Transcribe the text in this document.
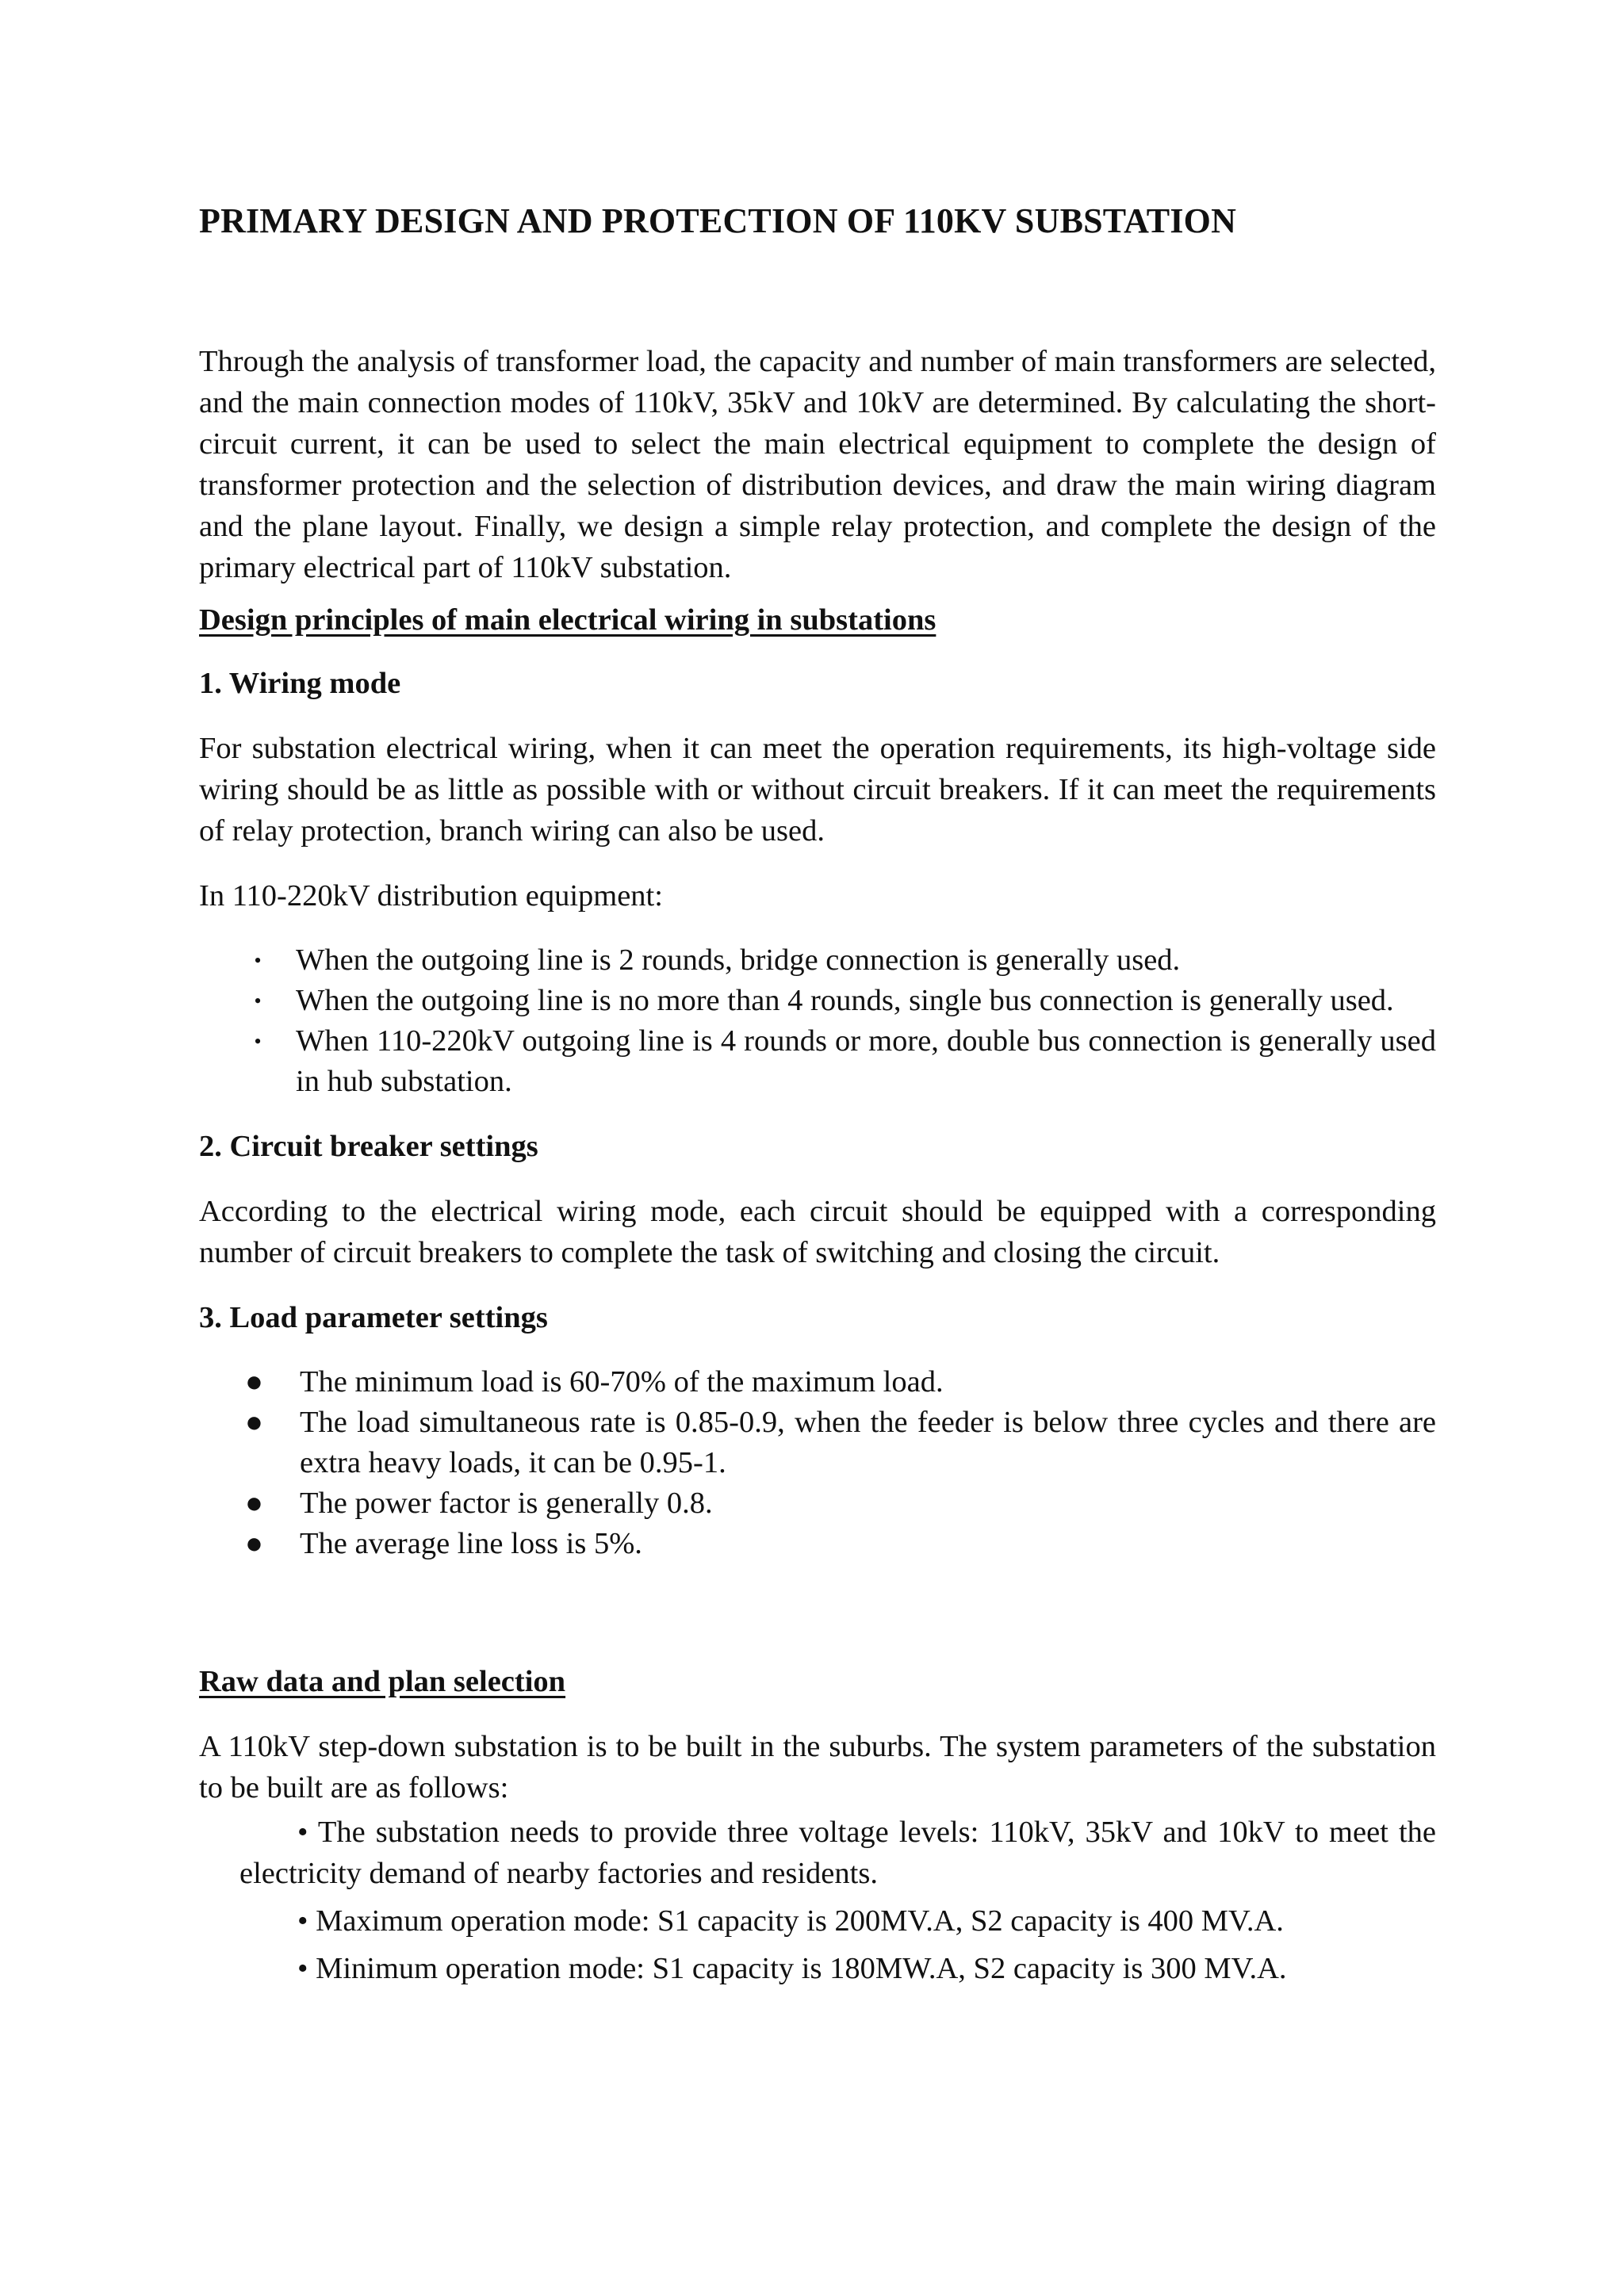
PRIMARY DESIGN AND PROTECTION OF 110KV SUBSTATION

Through the analysis of transformer load, the capacity and number of main transformers are selected, and the main connection modes of 110kV, 35kV and 10kV are determined. By calculating the short-circuit current, it can be used to select the main electrical equipment to complete the design of transformer protection and the selection of distribution devices, and draw the main wiring diagram and the plane layout. Finally, we design a simple relay protection, and complete the design of the primary electrical part of 110kV substation.

Design principles of main electrical wiring in substations

1. Wiring mode

For substation electrical wiring, when it can meet the operation requirements, its high-voltage side wiring should be as little as possible with or without circuit breakers. If it can meet the requirements of relay protection, branch wiring can also be used.

In 110-220kV distribution equipment:

• When the outgoing line is 2 rounds, bridge connection is generally used.
• When the outgoing line is no more than 4 rounds, single bus connection is generally used.
• When 110-220kV outgoing line is 4 rounds or more, double bus connection is generally used in hub substation.

2. Circuit breaker settings

According to the electrical wiring mode, each circuit should be equipped with a corresponding number of circuit breakers to complete the task of switching and closing the circuit.

3. Load parameter settings

● The minimum load is 60-70% of the maximum load.
● The load simultaneous rate is 0.85-0.9, when the feeder is below three cycles and there are extra heavy loads, it can be 0.95-1.
● The power factor is generally 0.8.
● The average line loss is 5%.

Raw data and plan selection

A 110kV step-down substation is to be built in the suburbs. The system parameters of the substation to be built are as follows:

• The substation needs to provide three voltage levels: 110kV, 35kV and 10kV to meet the electricity demand of nearby factories and residents.

• Maximum operation mode: S1 capacity is 200MV.A, S2 capacity is 400 MV.A.

• Minimum operation mode: S1 capacity is 180MW.A, S2 capacity is 300 MV.A.
